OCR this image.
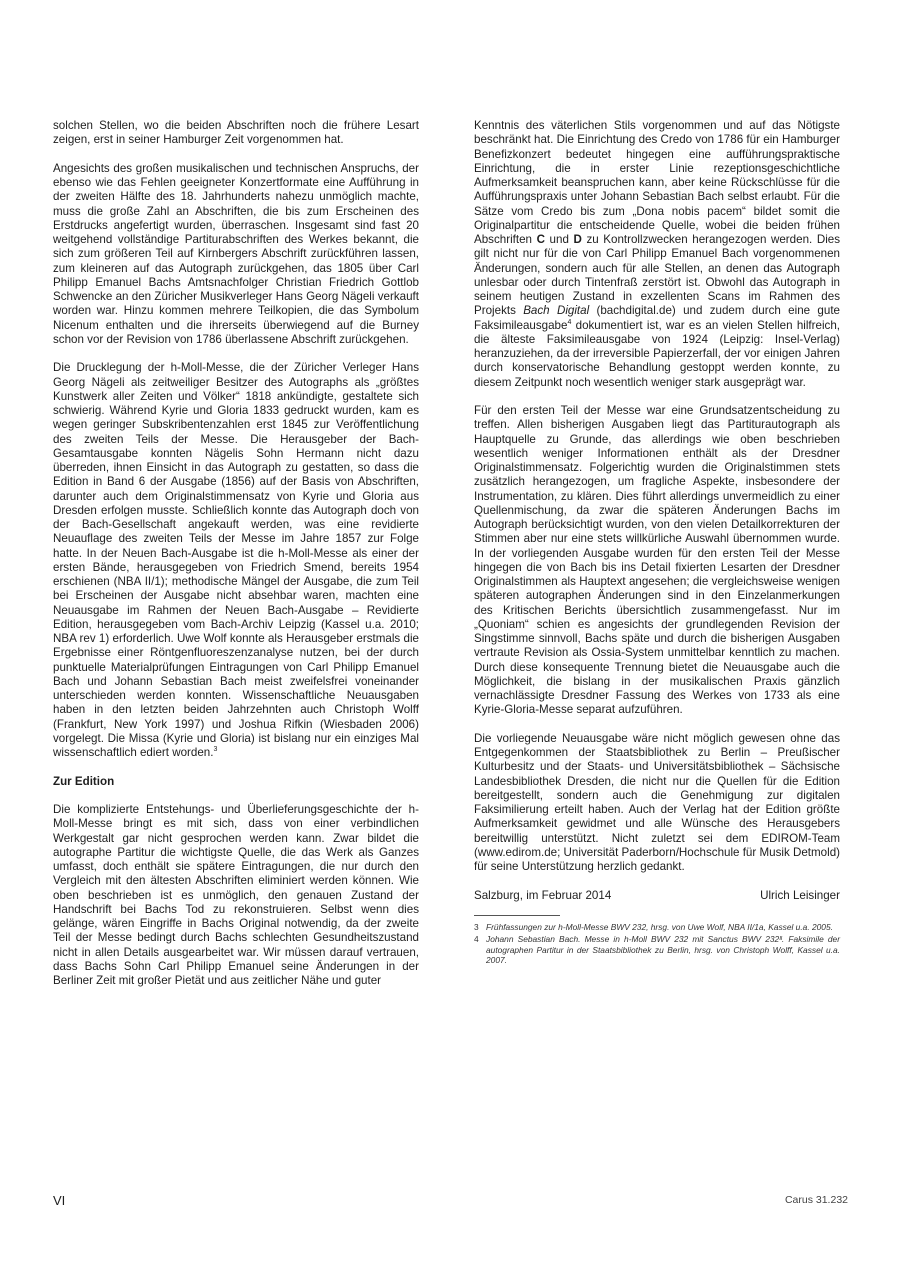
solchen Stellen, wo die beiden Abschriften noch die frühere Lesart zeigen, erst in seiner Hamburger Zeit vorgenommen hat.

Angesichts des großen musikalischen und technischen Anspruchs, der ebenso wie das Fehlen geeigneter Konzertformate eine Aufführung in der zweiten Hälfte des 18. Jahrhunderts nahezu unmöglich machte, muss die große Zahl an Abschriften, die bis zum Erscheinen des Erstdrucks angefertigt wurden, überraschen. Insgesamt sind fast 20 weitgehend vollständige Partiturabschriften des Werkes bekannt, die sich zum größeren Teil auf Kirnbergers Abschrift zurückführen lassen, zum kleineren auf das Autograph zurückgehen, das 1805 über Carl Philipp Emanuel Bachs Amtsnachfolger Christian Friedrich Gottlob Schwencke an den Züricher Musikverleger Hans Georg Nägeli verkauft worden war. Hinzu kommen mehrere Teilkopien, die das Symbolum Nicenum enthalten und die ihrerseits überwiegend auf die Burney schon vor der Revision von 1786 überlassene Abschrift zurückgehen.

Die Drucklegung der h-Moll-Messe, die der Züricher Verleger Hans Georg Nägeli als zeitweiliger Besitzer des Autographs als „größtes Kunstwerk aller Zeiten und Völker“ 1818 ankündigte, gestaltete sich schwierig. Während Kyrie und Gloria 1833 gedruckt wurden, kam es wegen geringer Subskribentenzahlen erst 1845 zur Veröffentlichung des zweiten Teils der Messe. Die Herausgeber der Bach-Gesamtausgabe konnten Nägelis Sohn Hermann nicht dazu überreden, ihnen Einsicht in das Autograph zu gestatten, so dass die Edition in Band 6 der Ausgabe (1856) auf der Basis von Abschriften, darunter auch dem Originalstimmensatz von Kyrie und Gloria aus Dresden erfolgen musste. Schließlich konnte das Autograph doch von der Bach-Gesellschaft angekauft werden, was eine revidierte Neuauflage des zweiten Teils der Messe im Jahre 1857 zur Folge hatte. In der Neuen Bach-Ausgabe ist die h-Moll-Messe als einer der ersten Bände, herausgegeben von Friedrich Smend, bereits 1954 erschienen (NBA II/1); methodische Mängel der Ausgabe, die zum Teil bei Erscheinen der Ausgabe nicht absehbar waren, machten eine Neuausgabe im Rahmen der Neuen Bach-Ausgabe – Revidierte Edition, herausgegeben vom Bach-Archiv Leipzig (Kassel u.a. 2010; NBA rev 1) erforderlich. Uwe Wolf konnte als Herausgeber erstmals die Ergebnisse einer Röntgenfluoreszenzanalyse nutzen, bei der durch punktuelle Materialprüfungen Eintragungen von Carl Philipp Emanuel Bach und Johann Sebastian Bach meist zweifelsfrei voneinander unterschieden werden konnten. Wissenschaftliche Neuausgaben haben in den letzten beiden Jahrzehnten auch Christoph Wolff (Frankfurt, New York 1997) und Joshua Rifkin (Wiesbaden 2006) vorgelegt. Die Missa (Kyrie und Gloria) ist bislang nur ein einziges Mal wissenschaftlich ediert worden.$^3$

Zur Edition

Die komplizierte Entstehungs- und Überlieferungsgeschichte der h-Moll-Messe bringt es mit sich, dass von einer verbindlichen Werkgestalt gar nicht gesprochen werden kann. Zwar bildet die autographe Partitur die wichtigste Quelle, die das Werk als Ganzes umfasst, doch enthält sie spätere Eintragungen, die nur durch den Vergleich mit den ältesten Abschriften eliminiert werden können. Wie oben beschrieben ist es unmöglich, den genauen Zustand der Handschrift bei Bachs Tod zu rekonstruieren. Selbst wenn dies gelänge, wären Eingriffe in Bachs Original notwendig, da der zweite Teil der Messe bedingt durch Bachs schlechten Gesundheitszustand nicht in allen Details ausgearbeitet war. Wir müssen darauf vertrauen, dass Bachs Sohn Carl Philipp Emanuel seine Änderungen in der Berliner Zeit mit großer Pietät und aus zeitlicher Nähe und guter

Kenntnis des väterlichen Stils vorgenommen und auf das Nötigste beschränkt hat. Die Einrichtung des Credo von 1786 für ein Hamburger Benefizkonzert bedeutet hingegen eine aufführungspraktische Einrichtung, die in erster Linie rezeptionsgeschichtliche Aufmerksamkeit beanspruchen kann, aber keine Rückschlüsse für die Aufführungspraxis unter Johann Sebastian Bach selbst erlaubt. Für die Sätze vom Credo bis zum „Dona nobis pacem“ bildet somit die Originalpartitur die entscheidende Quelle, wobei die beiden frühen Abschriften C und D zu Kontrollzwecken herangezogen werden. Dies gilt nicht nur für die von Carl Philipp Emanuel Bach vorgenommenen Änderungen, sondern auch für alle Stellen, an denen das Autograph unlesbar oder durch Tintenfraß zerstört ist. Obwohl das Autograph in seinem heutigen Zustand in exzellenten Scans im Rahmen des Projekts Bach Digital (bachdigital.de) und zudem durch eine gute Faksimileausgabe$^4$ dokumentiert ist, war es an vielen Stellen hilfreich, die älteste Faksimileausgabe von 1924 (Leipzig: Insel-Verlag) heranzuziehen, da der irreversible Papierzerfall, der vor einigen Jahren durch konservatorische Behandlung gestoppt werden konnte, zu diesem Zeitpunkt noch wesentlich weniger stark ausgeprägt war.

Für den ersten Teil der Messe war eine Grundsatzentscheidung zu treffen. Allen bisherigen Ausgaben liegt das Partiturautograph als Hauptquelle zu Grunde, das allerdings wie oben beschrieben wesentlich weniger Informationen enthält als der Dresdner Originalstimmensatz. Folgerichtig wurden die Originalstimmen stets zusätzlich herangezogen, um fragliche Aspekte, insbesondere der Instrumentation, zu klären. Dies führt allerdings unvermeidlich zu einer Quellenmischung, da zwar die späteren Änderungen Bachs im Autograph berücksichtigt wurden, von den vielen Detailkorrekturen der Stimmen aber nur eine stets willkürliche Auswahl übernommen wurde. In der vorliegenden Ausgabe wurden für den ersten Teil der Messe hingegen die von Bach bis ins Detail fixierten Lesarten der Dresdner Originalstimmen als Hauptext angesehen; die vergleichsweise wenigen späteren autographen Änderungen sind in den Einzelanmerkungen des Kritischen Berichts übersichtlich zusammengefasst. Nur im „Quoniam“ schien es angesichts der grundlegenden Revision der Singstimme sinnvoll, Bachs späte und durch die bisherigen Ausgaben vertraute Revision als Ossia-System unmittelbar kenntlich zu machen. Durch diese konsequente Trennung bietet die Neuausgabe auch die Möglichkeit, die bislang in der musikalischen Praxis gänzlich vernachlässigte Dresdner Fassung des Werkes von 1733 als eine Kyrie-Gloria-Messe separat aufzuführen.

Die vorliegende Neuausgabe wäre nicht möglich gewesen ohne das Entgegenkommen der Staatsbibliothek zu Berlin – Preußischer Kulturbesitz und der Staats- und Universitätsbibliothek – Sächsische Landesbibliothek Dresden, die nicht nur die Quellen für die Edition bereitgestellt, sondern auch die Genehmigung zur digitalen Faksimilierung erteilt haben. Auch der Verlag hat der Edition größte Aufmerksamkeit gewidmet und alle Wünsche des Herausgebers bereitwillig unterstützt. Nicht zuletzt sei dem EDIROM-Team (www.edirom.de; Universität Paderborn/Hochschule für Musik Detmold) für seine Unterstützung herzlich gedankt.

Salzburg, im Februar 2014	Ulrich Leisinger
3 Frühfassungen zur h-Moll-Messe BWV 232, hrsg. von Uwe Wolf, NBA II/1a, Kassel u.a. 2005.
4 Johann Sebastian Bach. Messe in h-Moll BWV 232 mit Sanctus BWV 232ᴵᴵ. Faksimile der autographen Partitur in der Staatsbibliothek zu Berlin, hrsg. von Christoph Wolff, Kassel u.a. 2007.
VI	Carus 31.232
